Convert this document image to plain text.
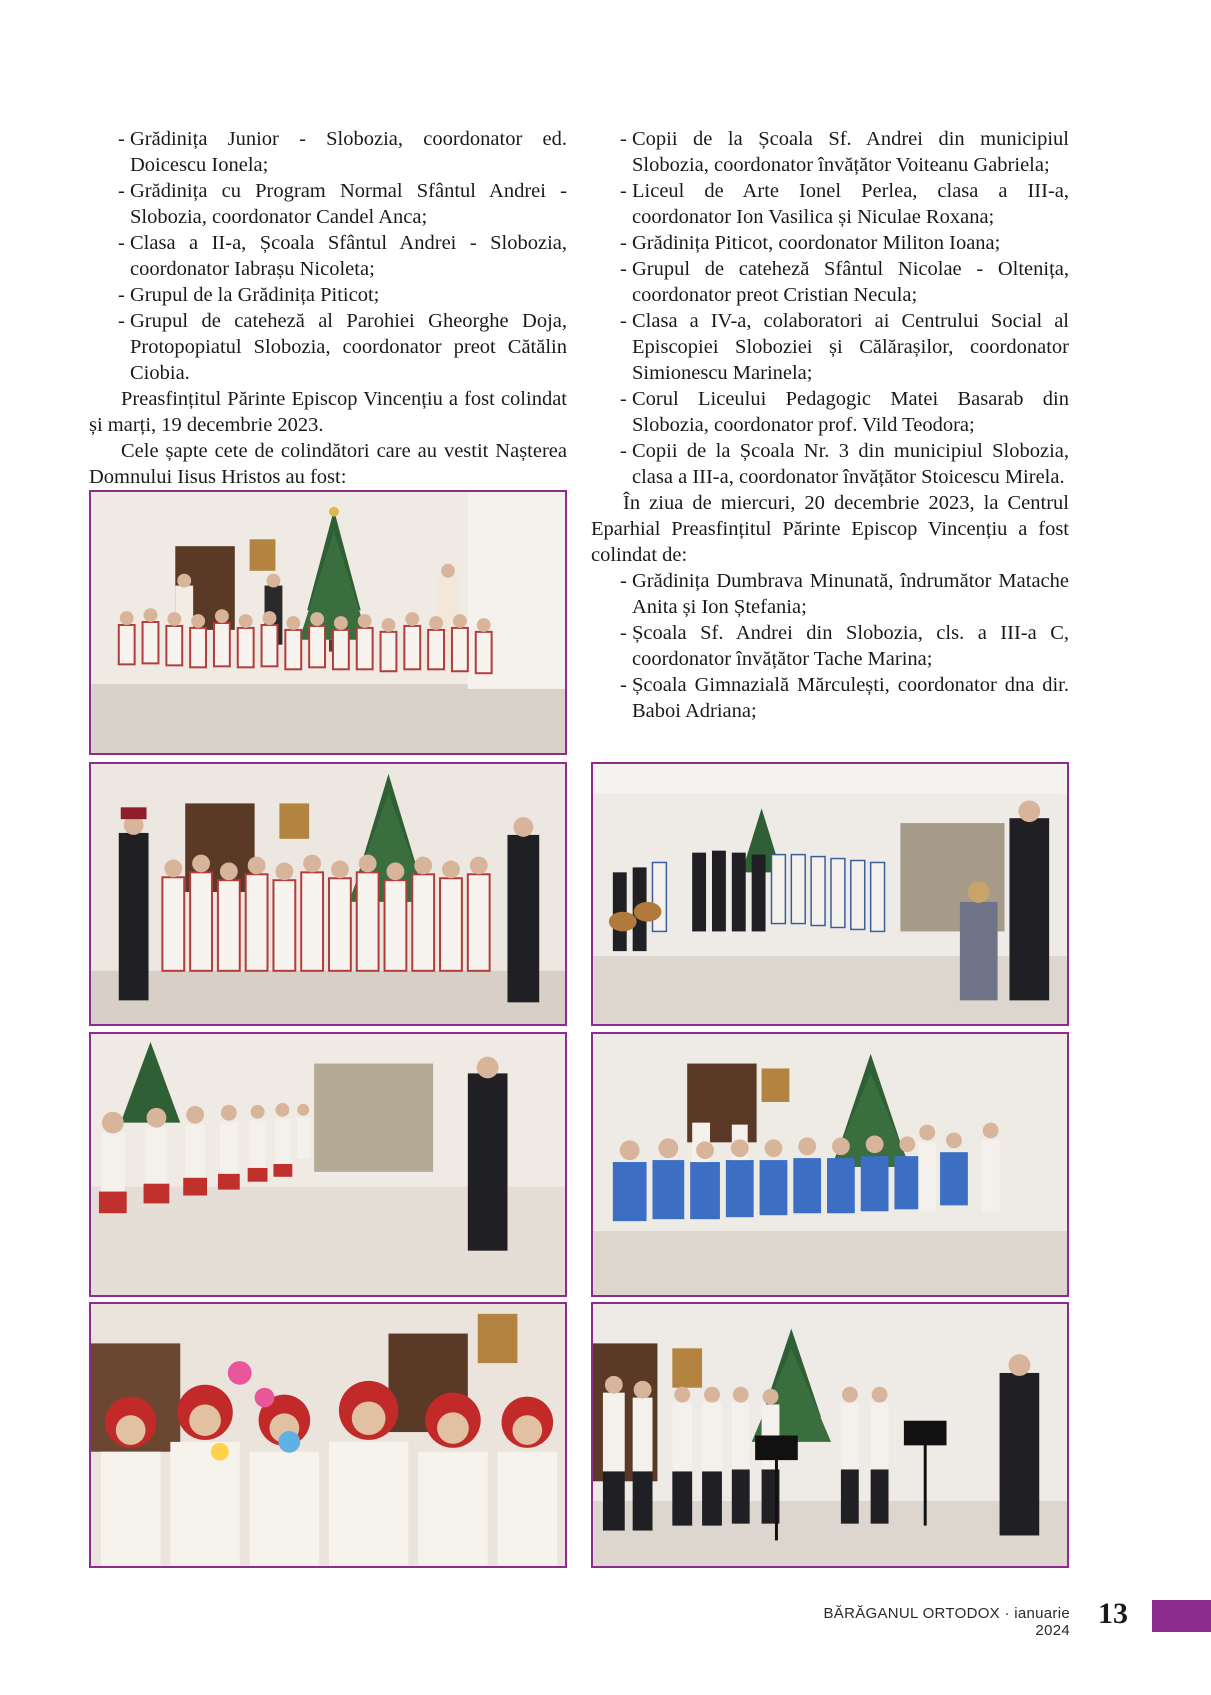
- Grădinița Junior - Slobozia, coordonator ed. Doicescu Ionela;
- Grădinița cu Program Normal Sfântul Andrei - Slobozia, coordonator Candel Anca;
- Clasa a II-a, Școala Sfântul Andrei - Slobozia, coordonator Iabrașu Nicoleta;
- Grupul de la Grădinița Piticot;
- Grupul de cateheză al Parohiei Gheorghe Doja, Protopopiatul Slobozia, coordonator preot Cătălin Ciobia.
Preasfințitul Părinte Episcop Vincențiu a fost colindat și marți, 19 decembrie 2023.
Cele șapte cete de colindători care au vestit Nașterea Domnului Iisus Hristos au fost:
- Copii de la Școala Sf. Andrei din municipiul Slobozia, coordonator învățător Voiteanu Gabriela;
- Liceul de Arte Ionel Perlea, clasa a III-a, coordonator Ion Vasilica și Niculae Roxana;
- Grădinița Piticot, coordonator Militon Ioana;
- Grupul de cateheză Sfântul Nicolae - Oltenița, coordonator preot Cristian Necula;
- Clasa a IV-a, colaboratori ai Centrului Social al Episcopiei Sloboziei și Călărașilor, coordonator Simionescu Marinela;
- Corul Liceului Pedagogic Matei Basarab din Slobozia, coordonator prof. Vild Teodora;
- Copii de la Școala Nr. 3 din municipiul Slobozia, clasa a III-a, coordonator învățător Stoicescu Mirela.
În ziua de miercuri, 20 decembrie 2023, la Centrul Eparhial Preasfințitul Părinte Episcop Vincențiu a fost colindat de:
- Grădinița Dumbrava Minunată, îndrumător Matache Anita și Ion Ștefania;
- Școala Sf. Andrei din Slobozia, cls. a III-a C, coordonator învățător Tache Marina;
- Școala Gimnazială Mărculești, coordonator dna dir. Baboi Adriana;
BĂRĂGANUL ORTODOX · ianuarie 2024
13
